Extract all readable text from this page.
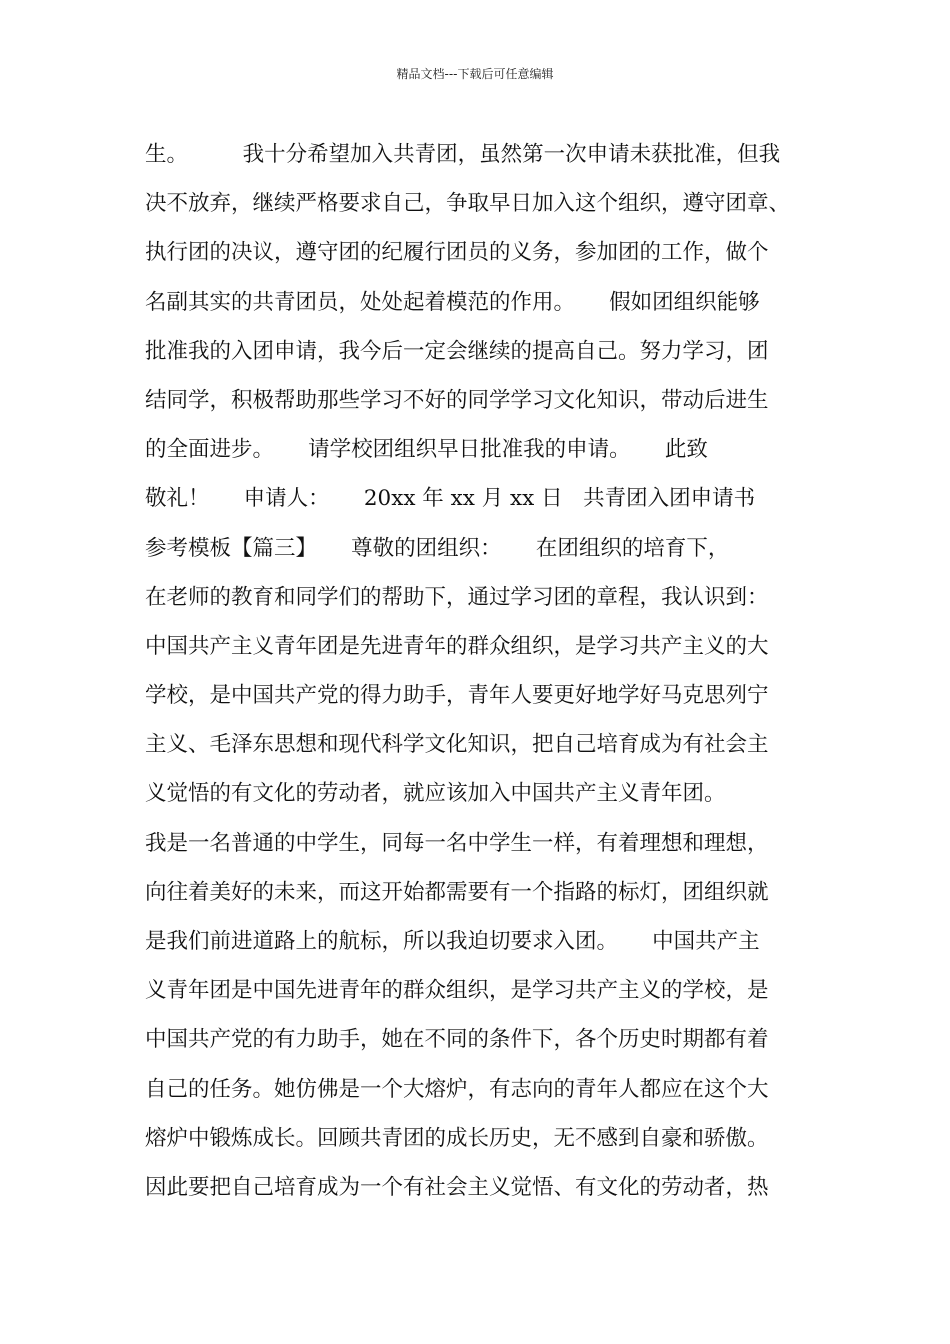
精品文档---下载后可任意编辑
生。        我十分希望加入共青团，虽然第一次申请未获批准，但我
决不放弃，继续严格要求自己，争取早日加入这个组织，遵守团章、
执行团的决议，遵守团的纪履行团员的义务，参加团的工作，做个
名副其实的共青团员，处处起着模范的作用。     假如团组织能够
批准我的入团申请，我今后一定会继续的提高自己。努力学习，团
结同学，积极帮助那些学习不好的同学学习文化知识，带动后进生
的全面进步。     请学校团组织早日批准我的申请。     此致
敬礼！     申请人：     20xx 年 xx 月 xx 日   共青团入团申请书
参考模板【篇三】     尊敬的团组织：     在团组织的培育下，
在老师的教育和同学们的帮助下，通过学习团的章程，我认识到：
中国共产主义青年团是先进青年的群众组织，是学习共产主义的大
学校，是中国共产党的得力助手，青年人要更好地学好马克思列宁
主义、毛泽东思想和现代科学文化知识，把自己培育成为有社会主
义觉悟的有文化的劳动者，就应该加入中国共产主义青年团。
我是一名普通的中学生，同每一名中学生一样，有着理想和理想，
向往着美好的未来，而这开始都需要有一个指路的标灯，团组织就
是我们前进道路上的航标，所以我迫切要求入团。     中国共产主
义青年团是中国先进青年的群众组织，是学习共产主义的学校，是
中国共产党的有力助手，她在不同的条件下，各个历史时期都有着
自己的任务。她仿佛是一个大熔炉，有志向的青年人都应在这个大
熔炉中锻炼成长。回顾共青团的成长历史，无不感到自豪和骄傲。
因此要把自己培育成为一个有社会主义觉悟、有文化的劳动者，热
